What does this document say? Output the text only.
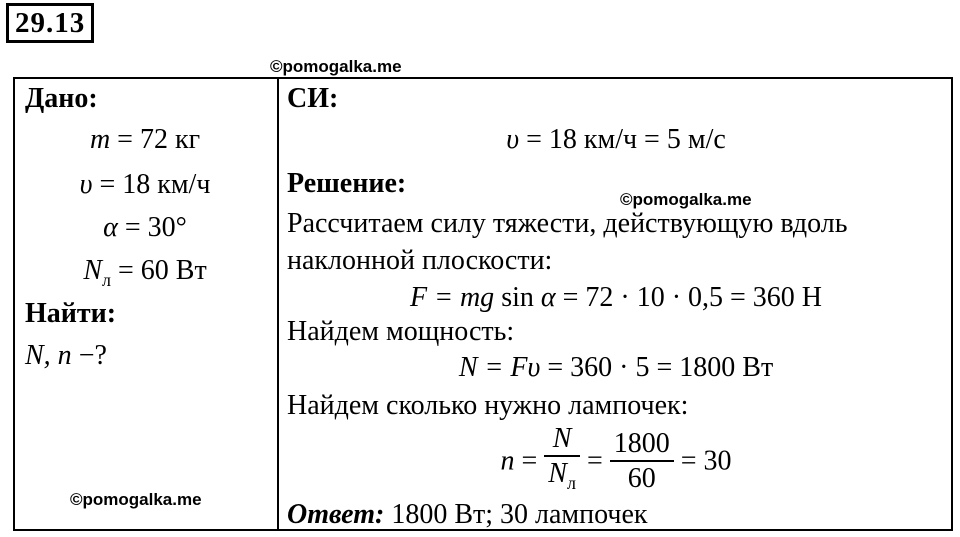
29.13
©pomogalka.me
Дано:
m = 72 кг
υ = 18 км/ч
α = 30°
$N_л = 60$ Вт
Найти:
N, n −?
©pomogalka.me
СИ:
υ = 18 км/ч = 5 м/с
Решение:
©pomogalka.me
Рассчитаем силу тяжести, действующую вдоль
наклонной плоскости:
F = mg sin α = 72 · 10 · 0,5 = 360 Н
Найдем мощность:
N = Fυ = 360 · 5 = 1800 Вт
Найдем сколько нужно лампочек:
$n = \frac{N}{N_л} = \frac{1800}{60} = 30$
Ответ: 1800 Вт; 30 лампочек
